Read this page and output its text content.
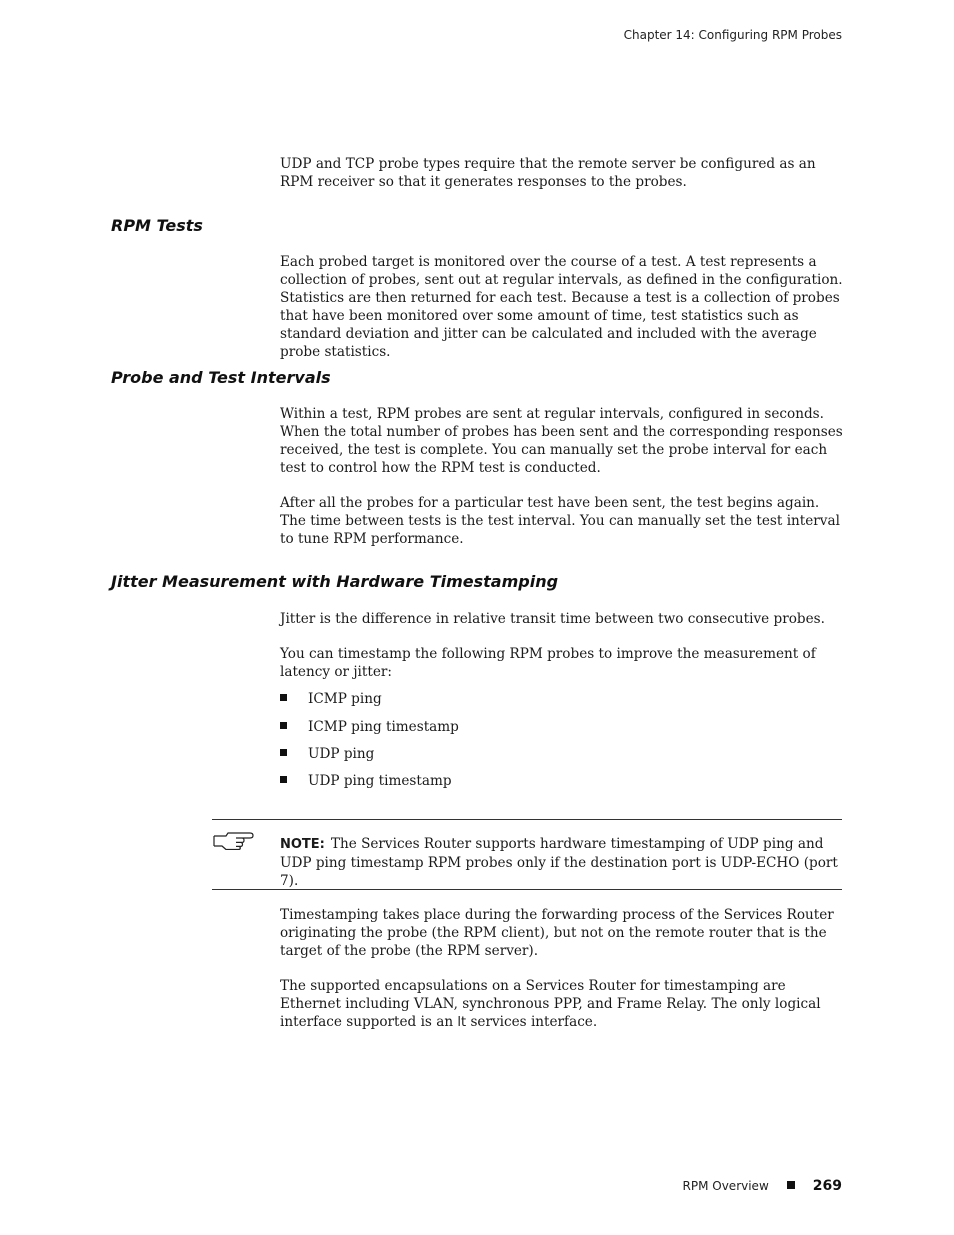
Chapter 14: Configuring RPM Probes

UDP and TCP probe types require that the remote server be configured as an RPM receiver so that it generates responses to the probes.

RPM Tests

Each probed target is monitored over the course of a test. A test represents a collection of probes, sent out at regular intervals, as defined in the configuration. Statistics are then returned for each test. Because a test is a collection of probes that have been monitored over some amount of time, test statistics such as standard deviation and jitter can be calculated and included with the average probe statistics.

Probe and Test Intervals

Within a test, RPM probes are sent at regular intervals, configured in seconds. When the total number of probes has been sent and the corresponding responses received, the test is complete. You can manually set the probe interval for each test to control how the RPM test is conducted.

After all the probes for a particular test have been sent, the test begins again. The time between tests is the test interval. You can manually set the test interval to tune RPM performance.

Jitter Measurement with Hardware Timestamping

Jitter is the difference in relative transit time between two consecutive probes.

You can timestamp the following RPM probes to improve the measurement of latency or jitter:

ICMP ping
ICMP ping timestamp
UDP ping
UDP ping timestamp

NOTE: The Services Router supports hardware timestamping of UDP ping and UDP ping timestamp RPM probes only if the destination port is UDP-ECHO (port 7).

Timestamping takes place during the forwarding process of the Services Router originating the probe (the RPM client), but not on the remote router that is the target of the probe (the RPM server).

The supported encapsulations on a Services Router for timestamping are Ethernet including VLAN, synchronous PPP, and Frame Relay. The only logical interface supported is an lt services interface.

RPM Overview	269
